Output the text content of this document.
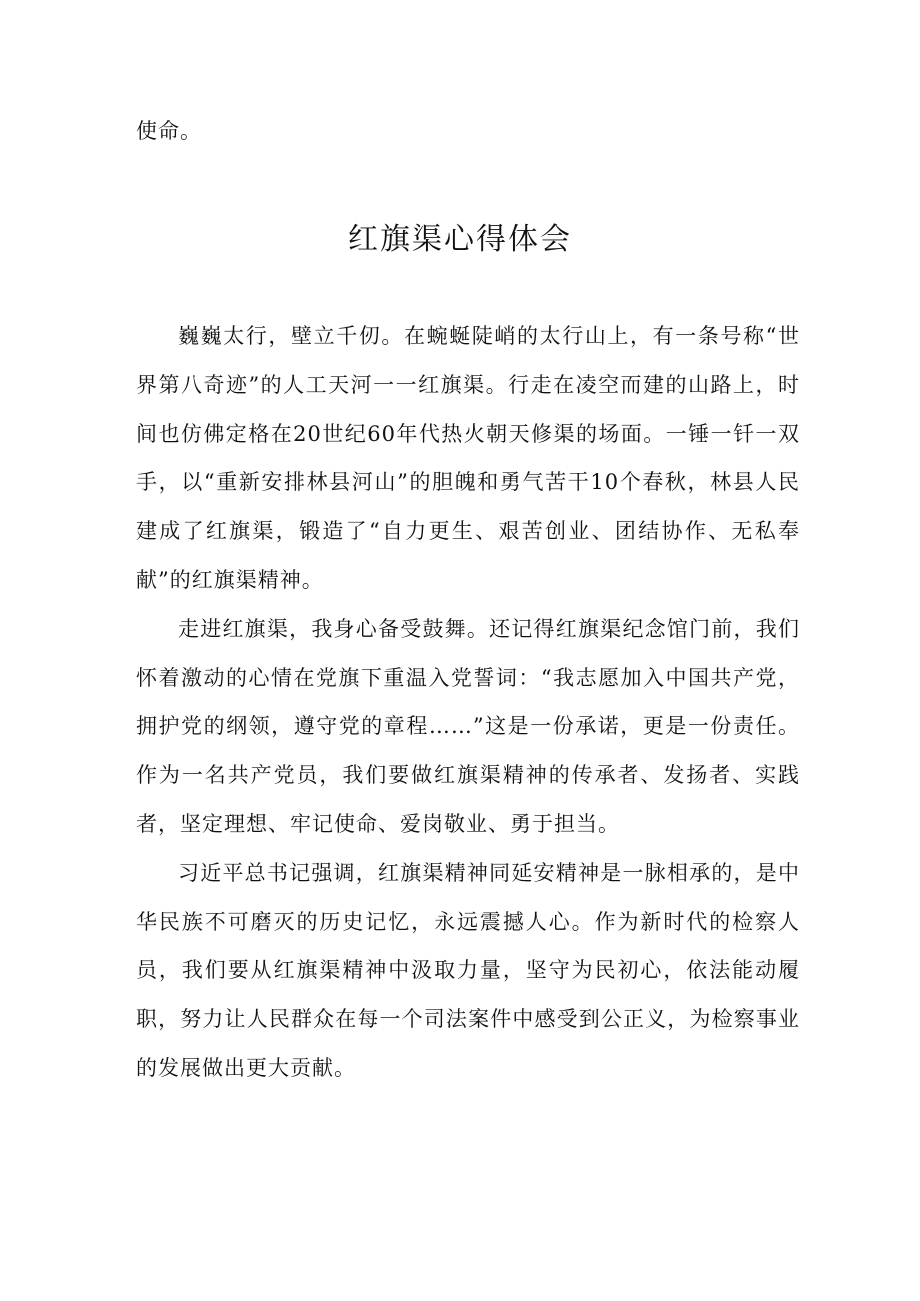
使命。

红旗渠心得体会

巍巍太行，壁立千仞。在蜿蜒陡峭的太行山上，有一条号称“世界第八奇迹”的人工天河一一红旗渠。行走在凌空而建的山路上，时间也仿佛定格在20世纪60年代热火朝天修渠的场面。一锤一钎一双手，以“重新安排林县河山”的胆魄和勇气苦干10个春秋，林县人民建成了红旗渠，锻造了“自力更生、艰苦创业、团结协作、无私奉献”的红旗渠精神。

走进红旗渠，我身心备受鼓舞。还记得红旗渠纪念馆门前，我们怀着激动的心情在党旗下重温入党誓词：“我志愿加入中国共产党，拥护党的纲领，遵守党的章程……”这是一份承诺，更是一份责任。作为一名共产党员，我们要做红旗渠精神的传承者、发扬者、实践者，坚定理想、牢记使命、爱岗敬业、勇于担当。

习近平总书记强调，红旗渠精神同延安精神是一脉相承的，是中华民族不可磨灭的历史记忆，永远震撼人心。作为新时代的检察人员，我们要从红旗渠精神中汲取力量，坚守为民初心，依法能动履职，努力让人民群众在每一个司法案件中感受到公正义，为检察事业的发展做出更大贡献。
